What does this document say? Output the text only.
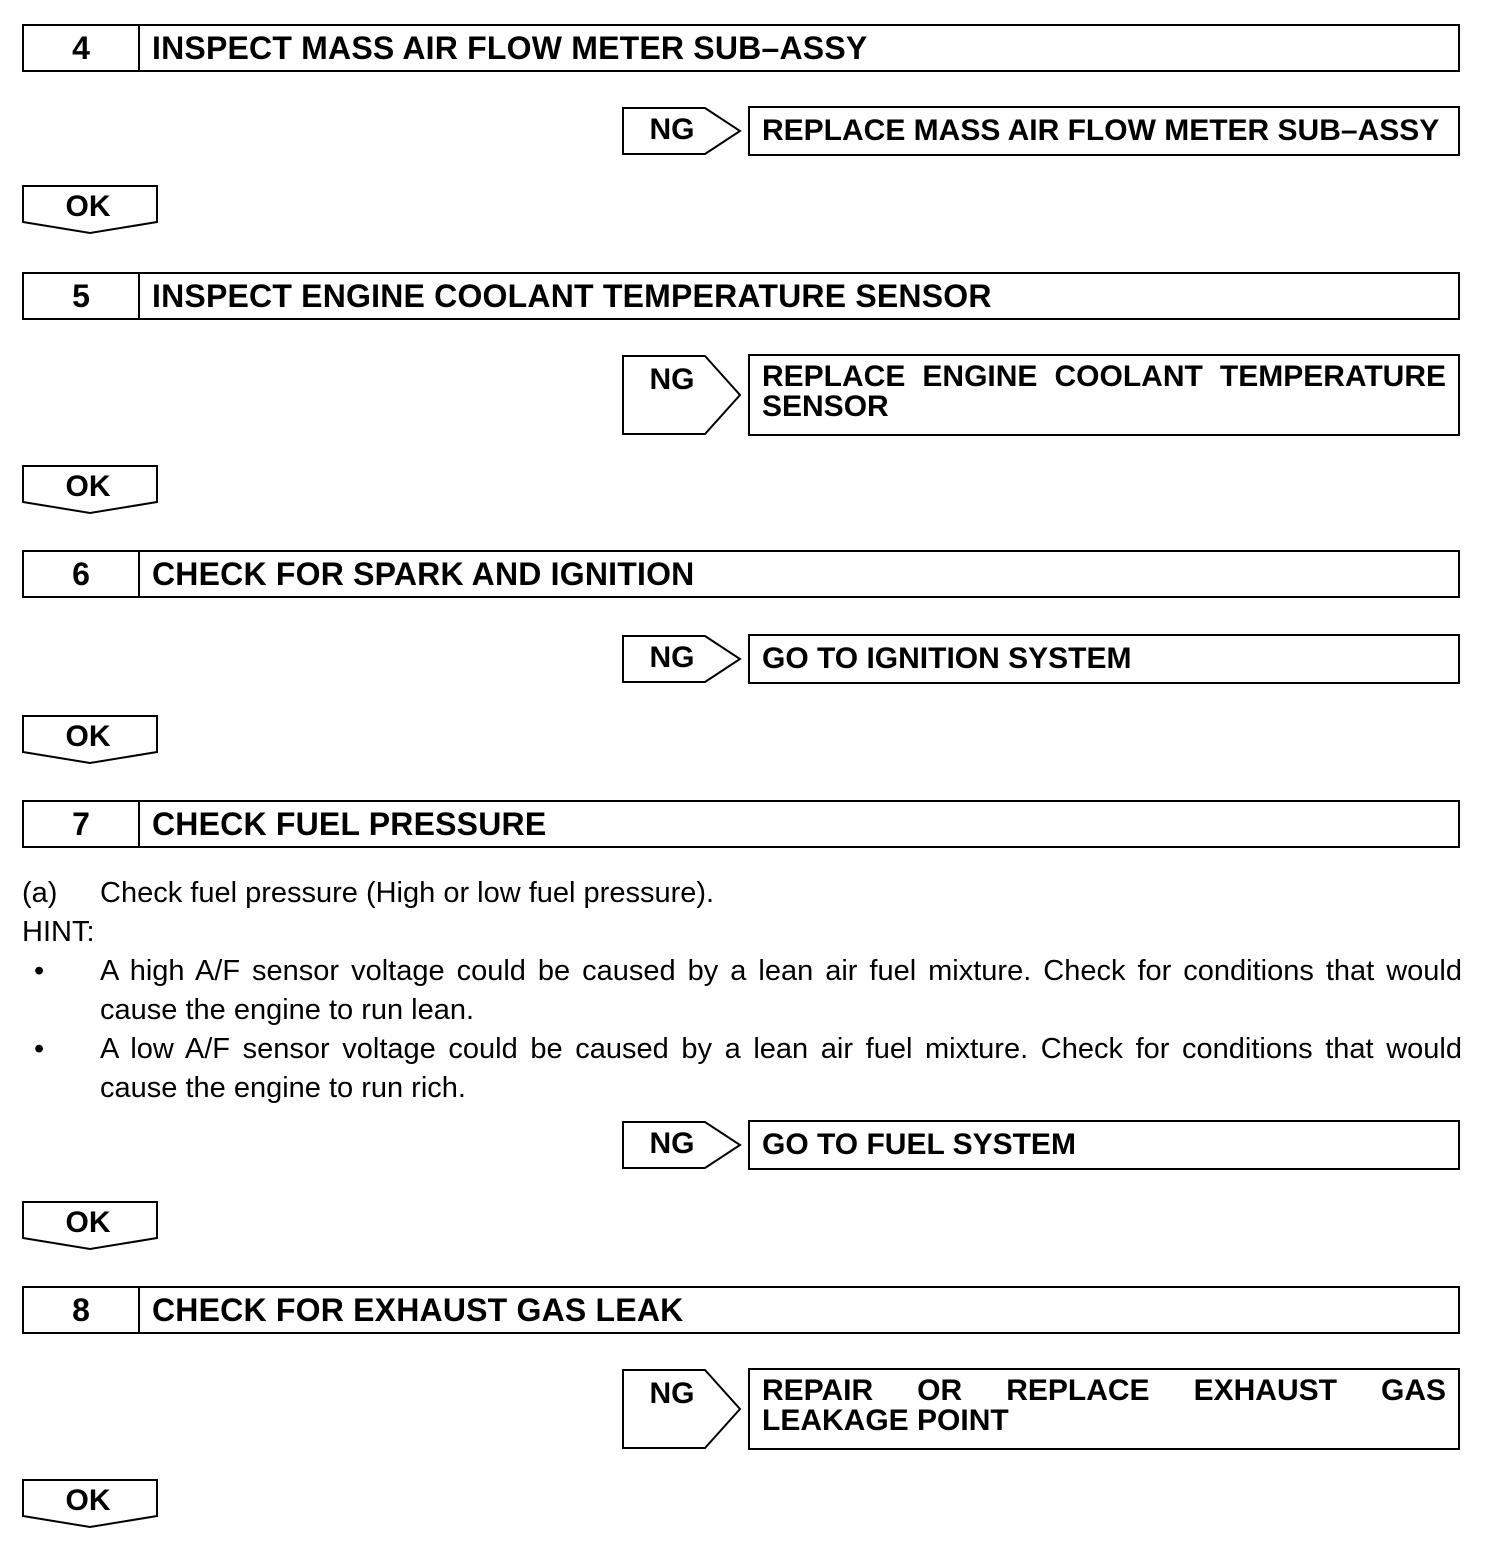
4	INSPECT MASS AIR FLOW METER SUB–ASSY
NG	REPLACE MASS AIR FLOW METER SUB–ASSY
OK
5	INSPECT ENGINE COOLANT TEMPERATURE SENSOR
NG	REPLACE ENGINE COOLANT TEMPERATURE SENSOR
OK
6	CHECK FOR SPARK AND IGNITION
NG	GO TO IGNITION SYSTEM
OK
7	CHECK FUEL PRESSURE
(a)	Check fuel pressure (High or low fuel pressure).
HINT:
•	A high A/F sensor voltage could be caused by a lean air fuel mixture. Check for conditions that would cause the engine to run lean.
•	A low A/F sensor voltage could be caused by a lean air fuel mixture. Check for conditions that would cause the engine to run rich.
NG	GO TO FUEL SYSTEM
OK
8	CHECK FOR EXHAUST GAS LEAK
NG	REPAIR OR REPLACE EXHAUST GAS LEAKAGE POINT
OK
